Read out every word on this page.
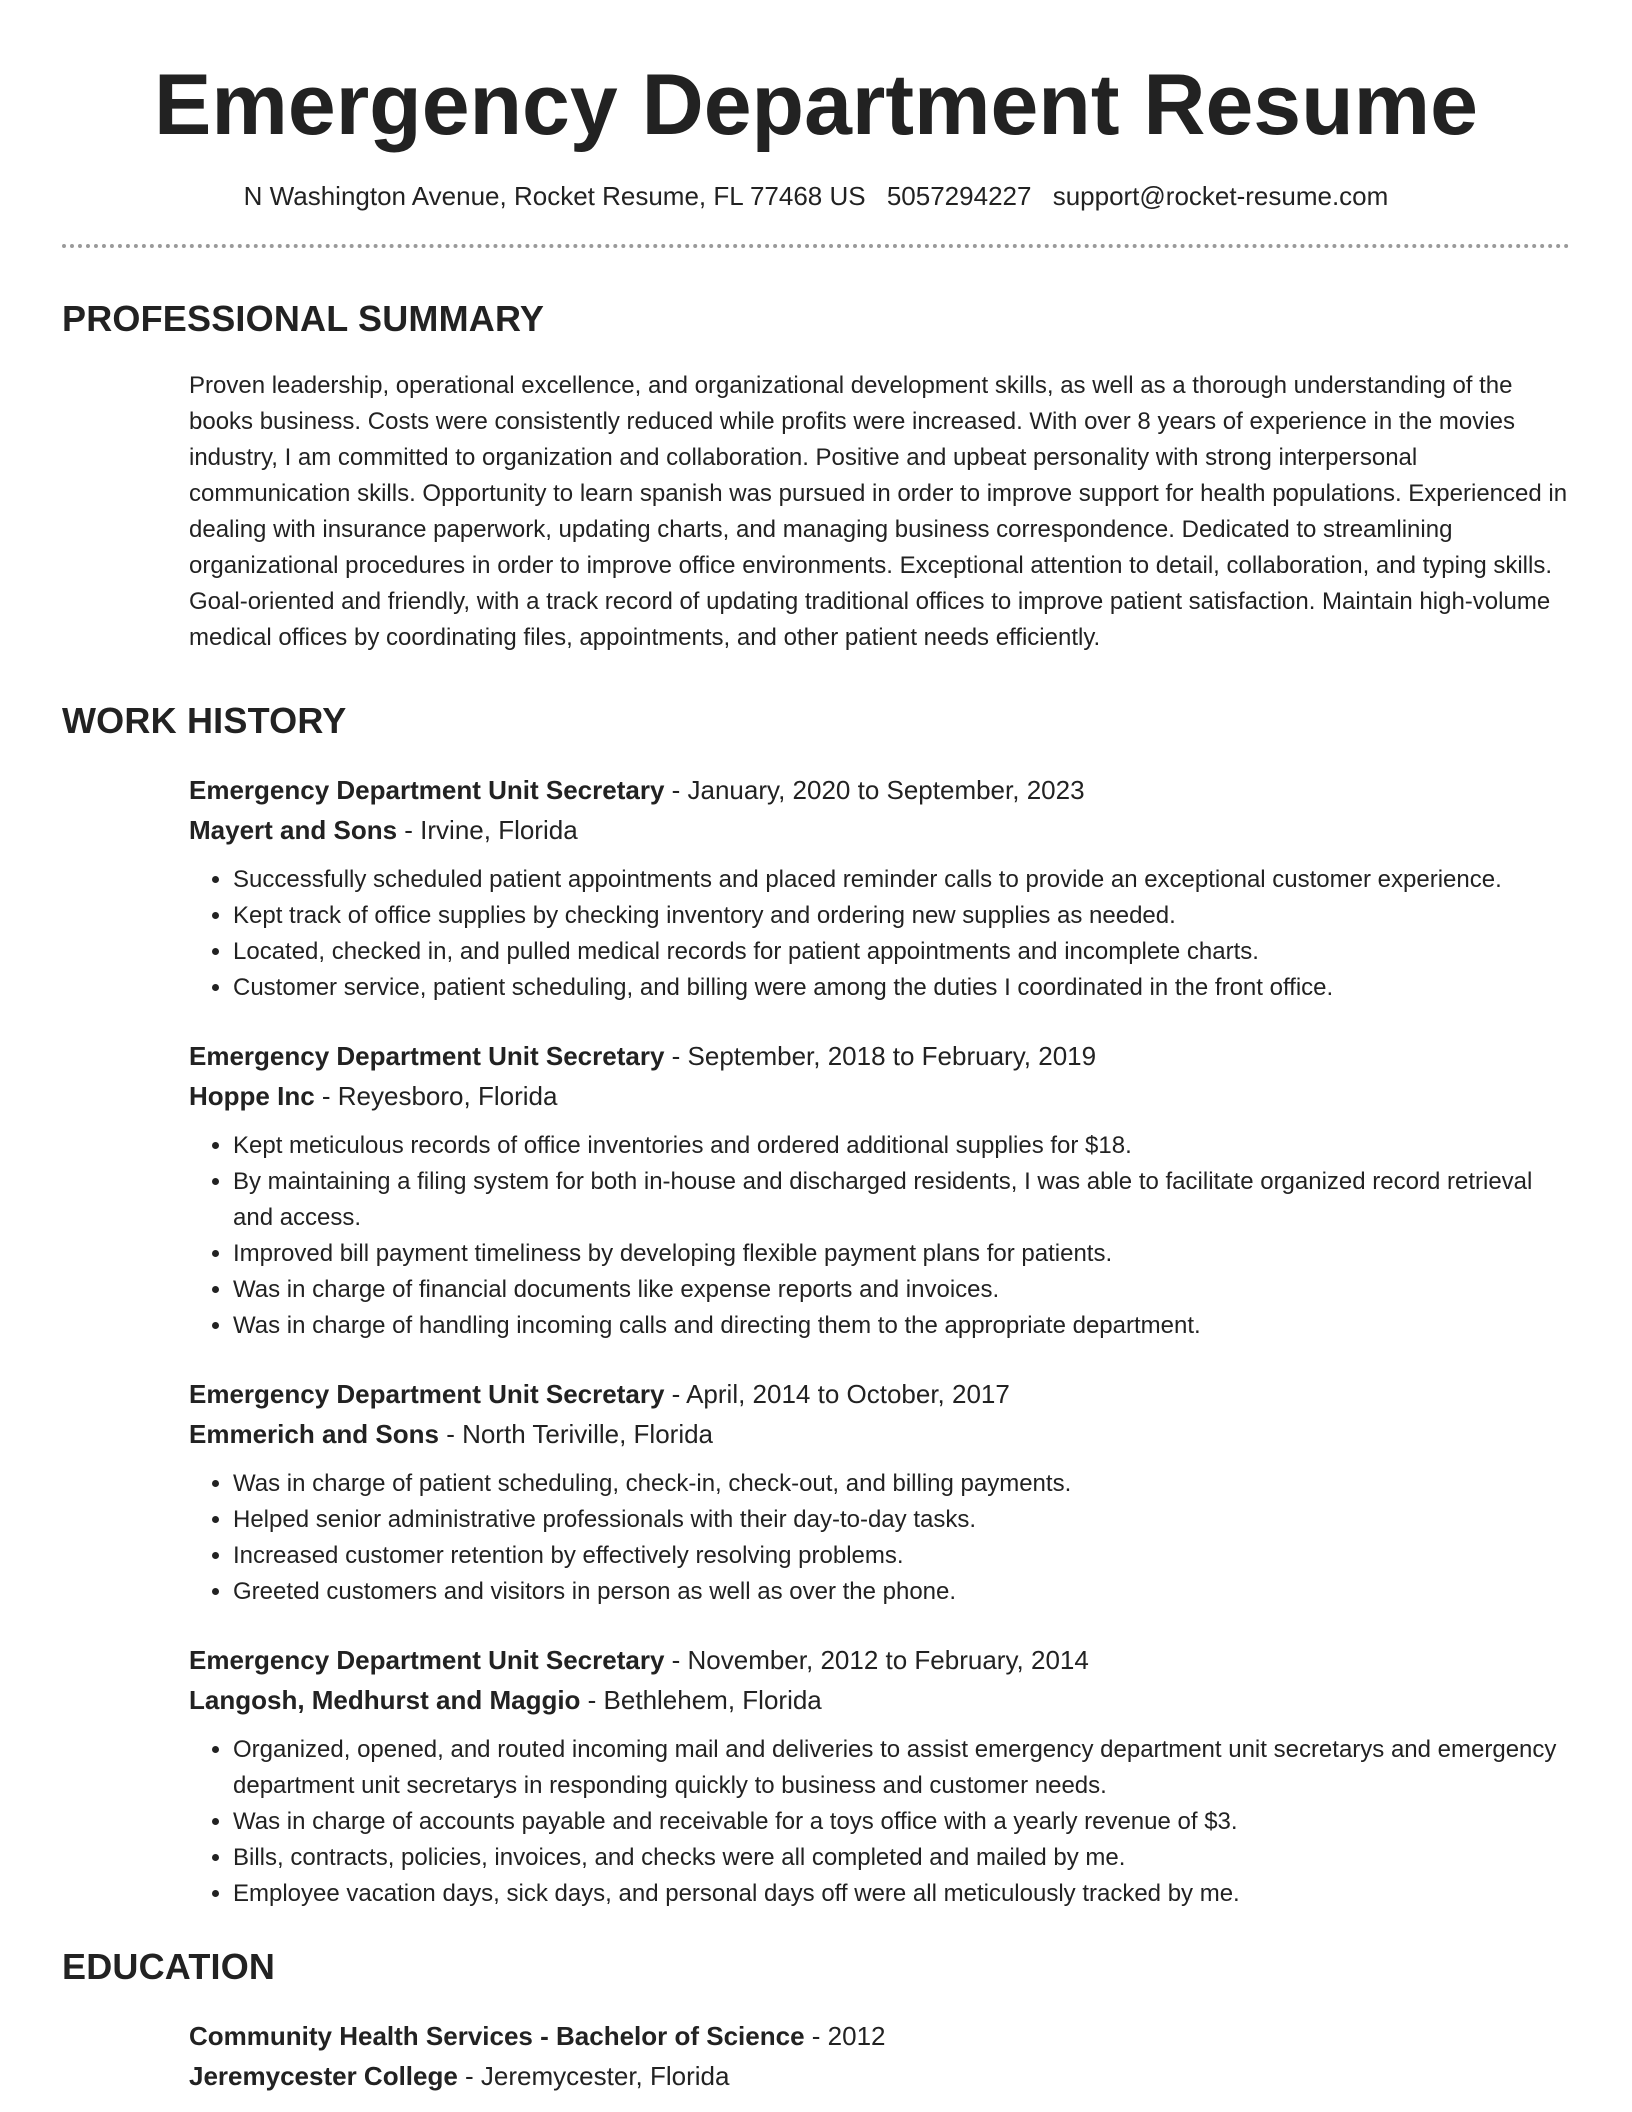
Emergency Department Resume
N Washington Avenue, Rocket Resume, FL 77468 US 5057294227 support@rocket-resume.com
PROFESSIONAL SUMMARY

Proven leadership, operational excellence, and organizational development skills, as well as a thorough understanding of the books business. Costs were consistently reduced while profits were increased. With over 8 years of experience in the movies industry, I am committed to organization and collaboration. Positive and upbeat personality with strong interpersonal communication skills. Opportunity to learn spanish was pursued in order to improve support for health populations. Experienced in dealing with insurance paperwork, updating charts, and managing business correspondence. Dedicated to streamlining organizational procedures in order to improve office environments. Exceptional attention to detail, collaboration, and typing skills. Goal-oriented and friendly, with a track record of updating traditional offices to improve patient satisfaction. Maintain high-volume medical offices by coordinating files, appointments, and other patient needs efficiently.

WORK HISTORY
Emergency Department Unit Secretary - January, 2020 to September, 2023
Mayert and Sons - Irvine, Florida
• Successfully scheduled patient appointments and placed reminder calls to provide an exceptional customer experience.
• Kept track of office supplies by checking inventory and ordering new supplies as needed.
• Located, checked in, and pulled medical records for patient appointments and incomplete charts.
• Customer service, patient scheduling, and billing were among the duties I coordinated in the front office.
Emergency Department Unit Secretary - September, 2018 to February, 2019
Hoppe Inc - Reyesboro, Florida
• Kept meticulous records of office inventories and ordered additional supplies for $18.
• By maintaining a filing system for both in-house and discharged residents, I was able to facilitate organized record retrieval and access.
• Improved bill payment timeliness by developing flexible payment plans for patients.
• Was in charge of financial documents like expense reports and invoices.
• Was in charge of handling incoming calls and directing them to the appropriate department.
Emergency Department Unit Secretary - April, 2014 to October, 2017
Emmerich and Sons - North Teriville, Florida
• Was in charge of patient scheduling, check-in, check-out, and billing payments.
• Helped senior administrative professionals with their day-to-day tasks.
• Increased customer retention by effectively resolving problems.
• Greeted customers and visitors in person as well as over the phone.
Emergency Department Unit Secretary - November, 2012 to February, 2014
Langosh, Medhurst and Maggio - Bethlehem, Florida
• Organized, opened, and routed incoming mail and deliveries to assist emergency department unit secretarys and emergency department unit secretarys in responding quickly to business and customer needs.
• Was in charge of accounts payable and receivable for a toys office with a yearly revenue of $3.
• Bills, contracts, policies, invoices, and checks were all completed and mailed by me.
• Employee vacation days, sick days, and personal days off were all meticulously tracked by me.
EDUCATION
Community Health Services - Bachelor of Science - 2012
Jeremycester College - Jeremycester, Florida
